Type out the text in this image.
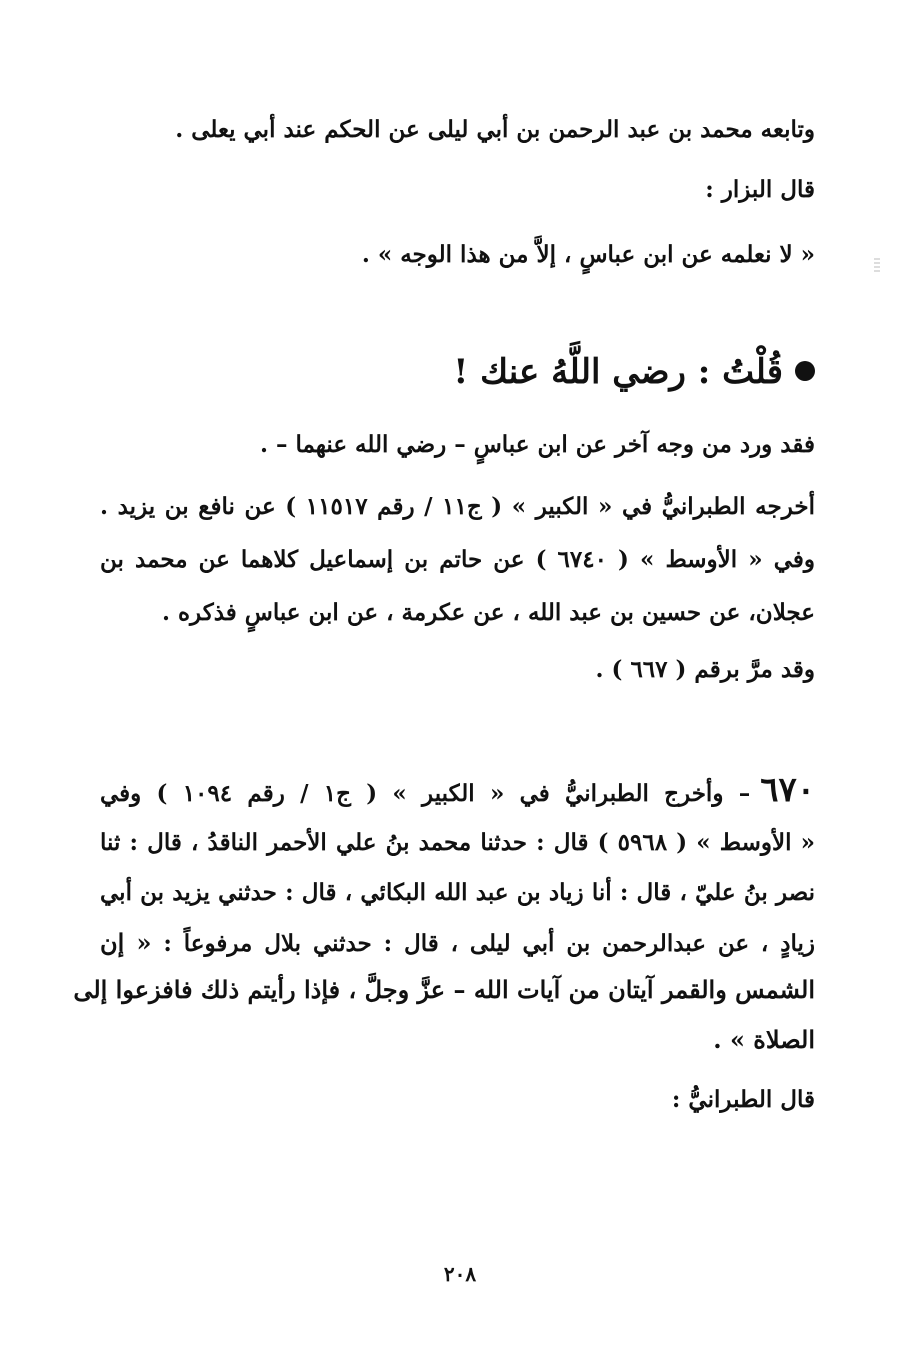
وتابعه محمد بن عبد الرحمن بن أبي ليلى عن الحكم عند أبي يعلى .
قال البزار :
« لا نعلمه عن ابن عباسٍ ، إلاَّ من هذا الوجه » .
قُلْتُ : رضي اللَّهُ عنك !
فقد ورد من وجه آخر عن ابن عباسٍ – رضي الله عنهما – .
أخرجه الطبرانيُّ في « الكبير » ( ج١١ / رقم ١١٥١٧ ) عن نافع بن يزيد .
وفي « الأوسط » ( ٦٧٤٠ ) عن حاتم بن إسماعيل كلاهما عن محمد بن
عجلان، عن حسين بن عبد الله ، عن عكرمة ، عن ابن عباسٍ فذكره .
وقد مرَّ برقم ( ٦٦٧ ) .
٦٧٠– وأخرج الطبرانيُّ في « الكبير » ( ج١ / رقم ١٠٩٤ ) وفي
« الأوسط » ( ٥٩٦٨ ) قال : حدثنا محمد بنُ علي الأحمر الناقدُ ، قال : ثنا
نصر بنُ عليّ ، قال : أنا زياد بن عبد الله البكائي ، قال : حدثني يزيد بن أبي
زيادٍ ، عن عبدالرحمن بن أبي ليلى ، قال : حدثني بلال مرفوعاً : « إن
الشمس والقمر آيتان من آيات الله – عزَّ وجلَّ ، فإذا رأيتم ذلك فافزعوا إلى
الصلاة » .
قال الطبرانيُّ :
٢٠٨
